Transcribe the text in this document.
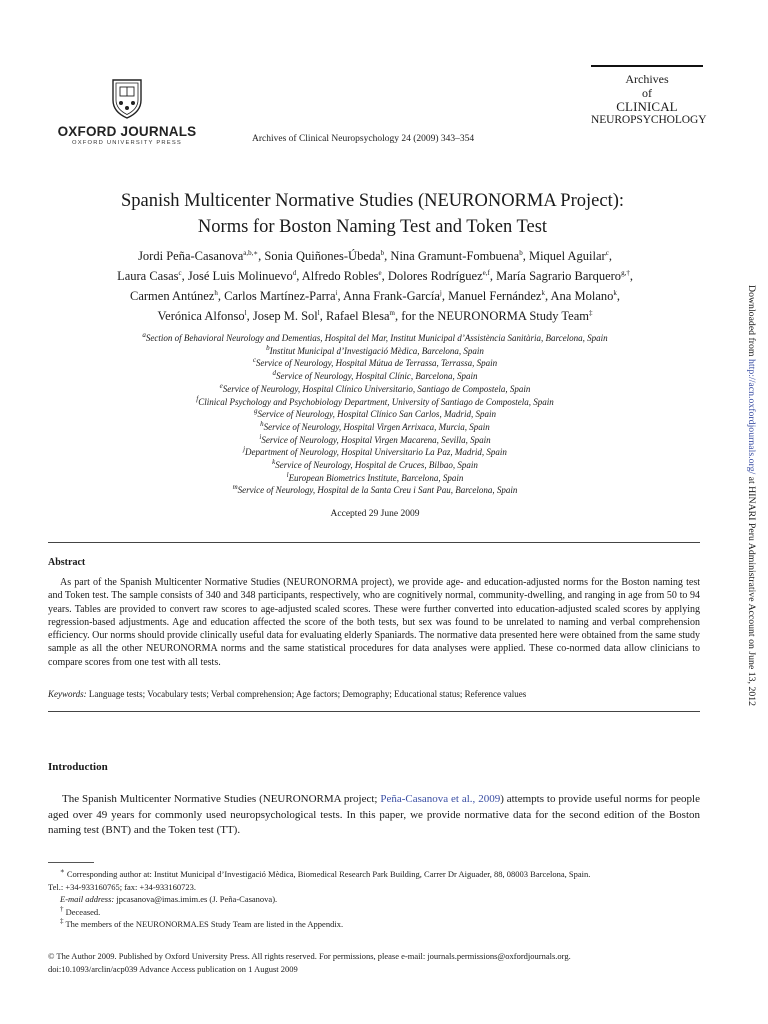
OXFORD JOURNALS
OXFORD UNIVERSITY PRESS	Archives of Clinical Neuropsychology 24 (2009) 343–354
Archives
of
CLINICAL
NEUROPSYCHOLOGY
Spanish Multicenter Normative Studies (NEURONORMA Project):
Norms for Boston Naming Test and Token Test
Jordi Peña-Casanova$^{a,b,∗}$, Sonia Quiñones-Úbeda$^b$, Nina Gramunt-Fombuena$^b$, Miquel Aguilar$^c$,
Laura Casas$^c$, José Luis Molinuevo$^d$, Alfredo Robles$^e$, Dolores Rodríguez$^{e,f}$, María Sagrario Barquero$^{g,\dagger}$,
Carmen Antúnez$^h$, Carlos Martínez-Parra$^i$, Anna Frank-García$^j$, Manuel Fernández$^k$, Ana Molano$^k$,
Verónica Alfonso$^l$, Josep M. Sol$^l$, Rafael Blesa$^m$, for the NEURONORMA Study Team‡
$^a$Section of Behavioral Neurology and Dementias, Hospital del Mar, Institut Municipal d’Assistència Sanitària, Barcelona, Spain
$^b$Institut Municipal d’Investigació Mèdica, Barcelona, Spain
$^c$Service of Neurology, Hospital Mútua de Terrassa, Terrassa, Spain
$^d$Service of Neurology, Hospital Clínic, Barcelona, Spain
$^e$Service of Neurology, Hospital Clínico Universitario, Santiago de Compostela, Spain
$^f$Clinical Psychology and Psychobiology Department, University of Santiago de Compostela, Spain
$^g$Service of Neurology, Hospital Clínico San Carlos, Madrid, Spain
$^h$Service of Neurology, Hospital Virgen Arrixaca, Murcia, Spain
$^i$Service of Neurology, Hospital Virgen Macarena, Sevilla, Spain
$^j$Department of Neurology, Hospital Universitario La Paz, Madrid, Spain
$^k$Service of Neurology, Hospital de Cruces, Bilbao, Spain
$^l$European Biometrics Institute, Barcelona, Spain
$^m$Service of Neurology, Hospital de la Santa Creu i Sant Pau, Barcelona, Spain
Accepted 29 June 2009
Abstract
As part of the Spanish Multicenter Normative Studies (NEURONORMA project), we provide age- and education-adjusted norms for the Boston naming test and Token test. The sample consists of 340 and 348 participants, respectively, who are cognitively normal, community-dwelling, and ranging in age from 50 to 94 years. Tables are provided to convert raw scores to age-adjusted scaled scores. These were further converted into education-adjusted scaled scores by applying regression-based adjustments. Age and education affected the score of the both tests, but sex was found to be unrelated to naming and verbal comprehension efficiency. Our norms should provide clinically useful data for evaluating elderly Spaniards. The normative data presented here were obtained from the same study sample as all the other NEURONORMA norms and the same statistical procedures for data analyses were applied. These co-normed data allow clinicians to compare scores from one test with all tests.
Keywords: Language tests; Vocabulary tests; Verbal comprehension; Age factors; Demography; Educational status; Reference values
Introduction
The Spanish Multicenter Normative Studies (NEURONORMA project; Peña-Casanova et al., 2009) attempts to provide useful norms for people aged over 49 years for commonly used neuropsychological tests. In this paper, we provide normative data for the second edition of the Boston naming test (BNT) and the Token test (TT).

∗ Corresponding author at: Institut Municipal d’Investigació Mèdica, Biomedical Research Park Building, Carrer Dr Aiguader, 88, 08003 Barcelona, Spain.

Tel.: +34-933160765; fax: +34-933160723.

E-mail address: jpcasanova@imas.imim.es (J. Peña-Casanova).

† Deceased.

‡ The members of the NEURONORMA.ES Study Team are listed in the Appendix.

© The Author 2009. Published by Oxford University Press. All rights reserved. For permissions, please e-mail: journals.permissions@oxfordjournals.org.

doi:10.1093/arclin/acp039 Advance Access publication on 1 August 2009

Downloaded from http://acn.oxfordjournals.org/ at HINARI Peru Administrative Account on June 13, 2012
